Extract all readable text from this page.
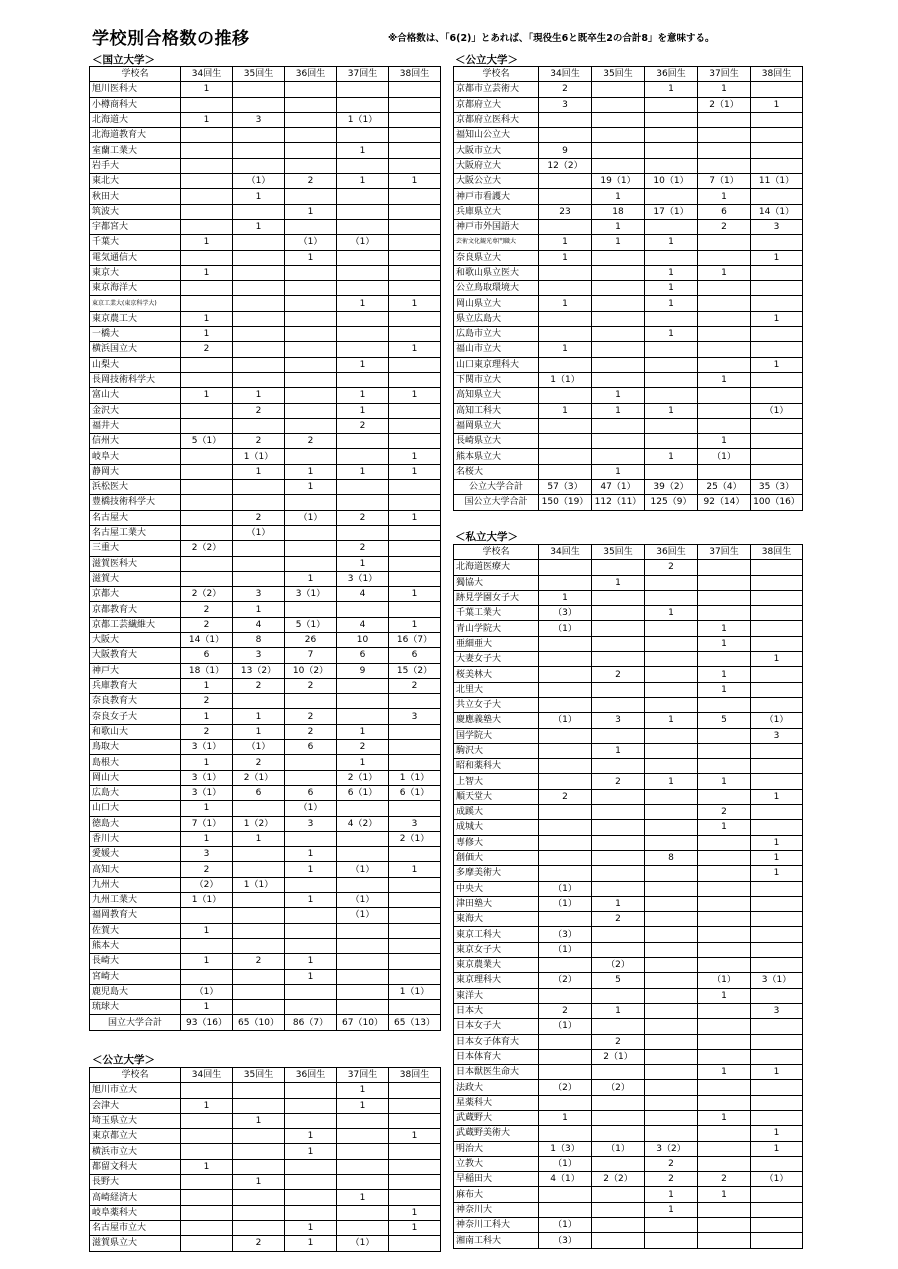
学校別合格数の推移	※合格数は、「6(2)」とあれば、「現役生6と既卒生2の合計8」を意味する。
＜国立大学＞
学校名	34回生	35回生	36回生	37回生	38回生
旭川医科大	1				
小樽商科大					
北海道大	1	3		1（1）	
北海道教育大					
室蘭工業大				1	
岩手大					
東北大		（1）	2	1	1
秋田大		1			
筑波大			1		
宇都宮大		1			
千葉大	1		（1）	（1）	
電気通信大			1		
東京大	1				
東京海洋大					
東京工業大(東京科学大)				1	1
東京農工大	1				
一橋大	1				
横浜国立大	2				1
山梨大				1	
長岡技術科学大					
富山大	1	1		1	1
金沢大		2		1	
福井大				2	
信州大	5（1）	2	2		
岐阜大		1（1）			1
静岡大		1	1	1	1
浜松医大			1		
豊橋技術科学大					
名古屋大		2	（1）	2	1
名古屋工業大		（1）			
三重大	2（2）			2	
滋賀医科大				1	
滋賀大			1	3（1）	
京都大	2（2）	3	3（1）	4	1
京都教育大	2	1			
京都工芸繊維大	2	4	5（1）	4	1
大阪大	14（1）	8	26	10	16（7）
大阪教育大	6	3	7	6	6
神戸大	18（1）	13（2）	10（2）	9	15（2）
兵庫教育大	1	2	2		2
奈良教育大	2				
奈良女子大	1	1	2		3
和歌山大	2	1	2	1	
鳥取大	3（1）	（1）	6	2	
島根大	1	2		1	
岡山大	3（1）	2（1）		2（1）	1（1）
広島大	3（1）	6	6	6（1）	6（1）
山口大	1		（1）		
徳島大	7（1）	1（2）	3	4（2）	3
香川大	1	1			2（1）
愛媛大	3		1		
高知大	2		1	（1）	1
九州大	（2）	1（1）			
九州工業大	1（1）		1	（1）	
福岡教育大				（1）	
佐賀大	1				
熊本大					
長崎大	1	2	1		
宮崎大			1		
鹿児島大	（1）				1（1）
琉球大	1				
国立大学合計	93（16）	65（10）	86（7）	67（10）	65（13）
＜公立大学＞
学校名	34回生	35回生	36回生	37回生	38回生
旭川市立大				1	
会津大	1			1	
埼玉県立大		1			
東京都立大			1		1
横浜市立大			1		
都留文科大	1				
長野大		1			
高崎経済大				1	
岐阜薬科大					1
名古屋市立大			1		1
滋賀県立大		2	1	（1）	
＜公立大学＞
学校名	34回生	35回生	36回生	37回生	38回生
京都市立芸術大	2		1	1	
京都府立大	3			2（1）	1
京都府立医科大					
福知山公立大					
大阪市立大	9				
大阪府立大	12（2）				
大阪公立大		19（1）	10（1）	7（1）	11（1）
神戸市看護大		1		1	
兵庫県立大	23	18	17（1）	6	14（1）
神戸市外国語大		1		2	3
芸術文化観光専門職大	1	1	1		
奈良県立大	1				1
和歌山県立医大			1	1	
公立鳥取環境大			1		
岡山県立大	1		1		
県立広島大					1
広島市立大			1		
福山市立大	1				
山口東京理科大					1
下関市立大	1（1）			1	
高知県立大		1			
高知工科大	1	1	1		（1）
福岡県立大					
長崎県立大				1	
熊本県立大			1	（1）	
名桜大		1			
公立大学合計	57（3）	47（1）	39（2）	25（4）	35（3）
国公立大学合計	150（19）	112（11）	125（9）	92（14）	100（16）
＜私立大学＞
学校名	34回生	35回生	36回生	37回生	38回生
北海道医療大			2		
獨協大		1			
跡見学園女子大	1				
千葉工業大	（3）		1		
青山学院大	（1）			1	
亜細亜大				1	
大妻女子大					1
桜美林大		2		1	
北里大				1	
共立女子大					
慶應義塾大	（1）	3	1	5	（1）
国学院大					3
駒沢大		1			
昭和薬科大					
上智大		2	1	1	
順天堂大	2				1
成蹊大				2	
成城大				1	
専修大					1
創価大			8		1
多摩美術大					1
中央大	（1）				
津田塾大	（1）	1			
東海大		2			
東京工科大	（3）				
東京女子大	（1）				
東京農業大		（2）			
東京理科大	（2）	5		（1）	3（1）
東洋大				1	
日本大	2	1			3
日本女子大	（1）				
日本女子体育大		2			
日本体育大		2（1）			
日本獣医生命大				1	1
法政大	（2）	（2）			
星薬科大					
武蔵野大	1			1	
武蔵野美術大					1
明治大	1（3）	（1）	3（2）		1
立教大	（1）		2		
早稲田大	4（1）	2（2）	2	2	（1）
麻布大			1	1	
神奈川大			1		
神奈川工科大	（1）				
湘南工科大	（3）				
